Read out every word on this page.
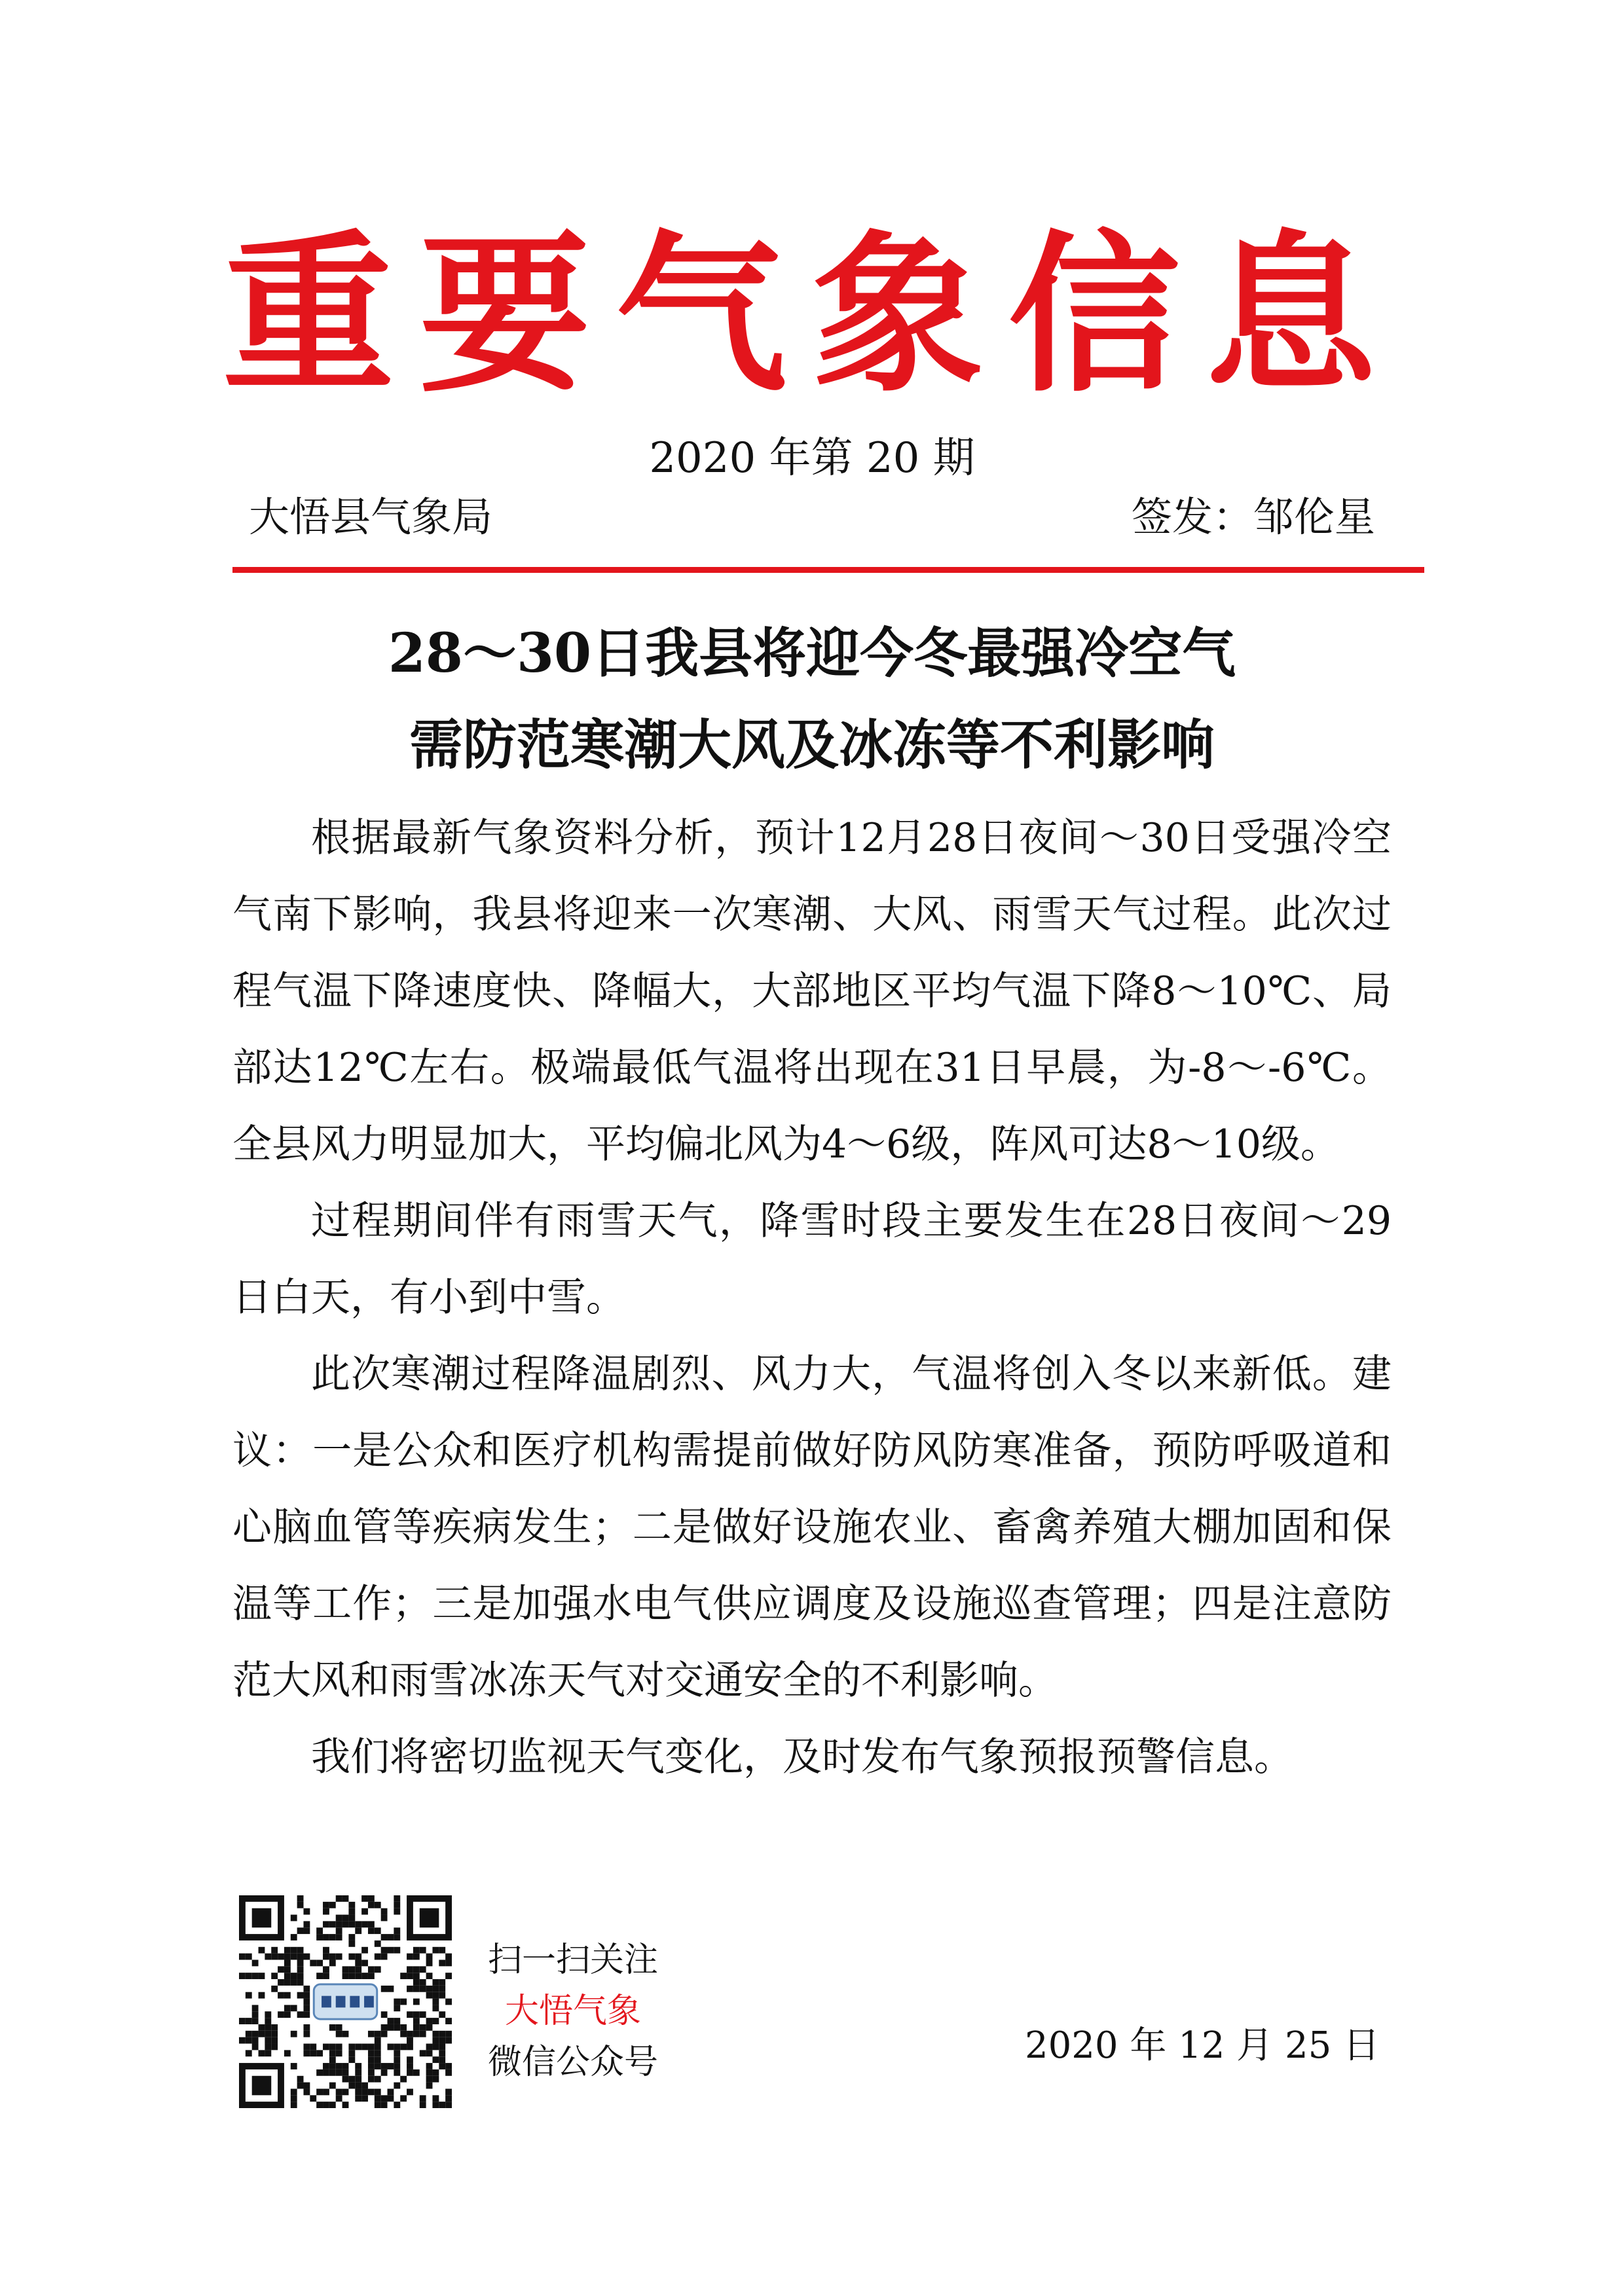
重要气象信息
2020 年第 20 期
大悟县气象局	签发：邹伦星
28～30日我县将迎今冬最强冷空气
需防范寒潮大风及冰冻等不利影响

根据最新气象资料分析，预计12月28日夜间～30日受强冷空气南下影响，我县将迎来一次寒潮、大风、雨雪天气过程。此次过程气温下降速度快、降幅大，大部地区平均气温下降8～10℃、局部达12℃左右。极端最低气温将出现在31日早晨，为-8～-6℃。全县风力明显加大，平均偏北风为4～6级，阵风可达8～10级。

过程期间伴有雨雪天气，降雪时段主要发生在28日夜间～29日白天，有小到中雪。

此次寒潮过程降温剧烈、风力大，气温将创入冬以来新低。建议：一是公众和医疗机构需提前做好防风防寒准备，预防呼吸道和心脑血管等疾病发生；二是做好设施农业、畜禽养殖大棚加固和保温等工作；三是加强水电气供应调度及设施巡查管理；四是注意防范大风和雨雪冰冻天气对交通安全的不利影响。

我们将密切监视天气变化，及时发布气象预报预警信息。

扫一扫关注
大悟气象
微信公众号	2020 年 12 月 25 日
